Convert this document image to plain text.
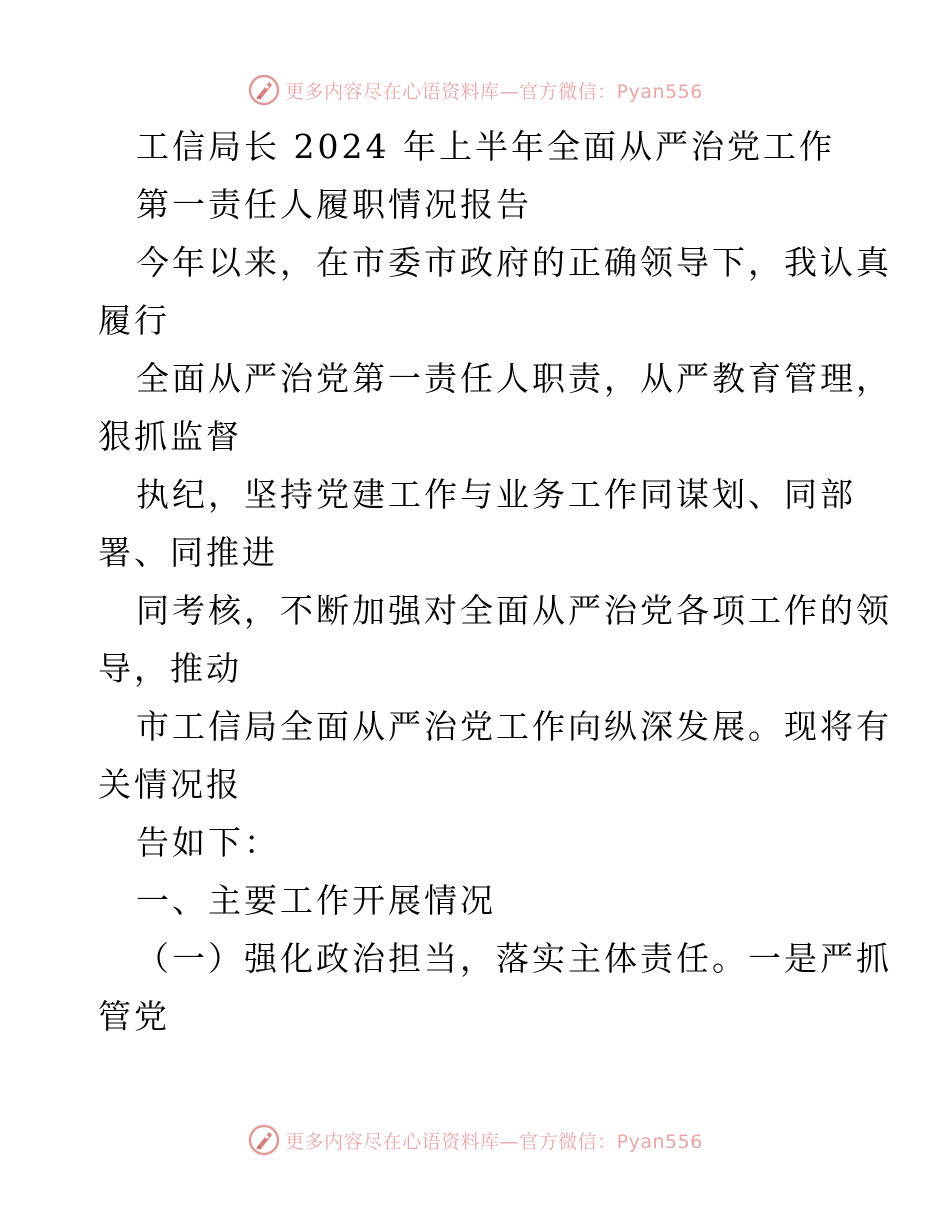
更多内容尽在心语资料库—官方微信：Pyan556
工信局长 2024 年上半年全面从严治党工作
第一责任人履职情况报告
今年以来，在市委市政府的正确领导下，我认真
履行
全面从严治党第一责任人职责，从严教育管理，
狠抓监督
执纪，坚持党建工作与业务工作同谋划、同部
署、同推进
同考核，不断加强对全面从严治党各项工作的领
导，推动
市工信局全面从严治党工作向纵深发展。现将有
关情况报
告如下：
一、主要工作开展情况
（一）强化政治担当，落实主体责任。一是严抓
管党
更多内容尽在心语资料库—官方微信：Pyan556
